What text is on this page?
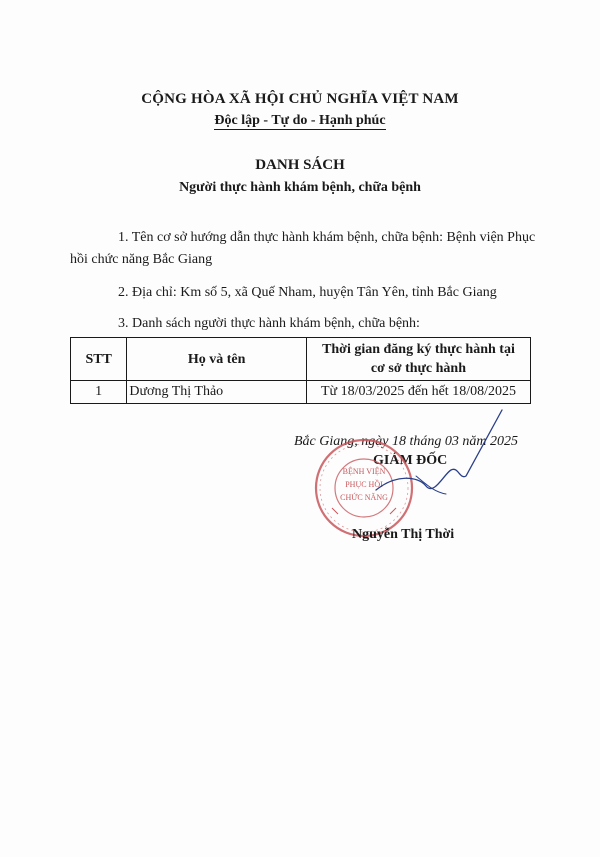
CỘNG HÒA XÃ HỘI CHỦ NGHĨA VIỆT NAM
Độc lập - Tự do - Hạnh phúc
DANH SÁCH
Người thực hành khám bệnh, chữa bệnh
1. Tên cơ sở hướng dẫn thực hành khám bệnh, chữa bệnh: Bệnh viện Phục hồi chức năng Bắc Giang
2. Địa chỉ: Km số 5, xã Quế Nham, huyện Tân Yên, tỉnh Bắc Giang
3. Danh sách người thực hành khám bệnh, chữa bệnh:
STT	Họ và tên	Thời gian đăng ký thực hành tại
cơ sở thực hành
1	Dương Thị Thảo	Từ 18/03/2025 đến hết 18/08/2025
Bắc Giang, ngày 18 tháng 03 năm 2025
GIÁM ĐỐC
BỆNH VIỆN
PHỤC HỒI
CHỨC NĂNG
Nguyễn Thị Thời
